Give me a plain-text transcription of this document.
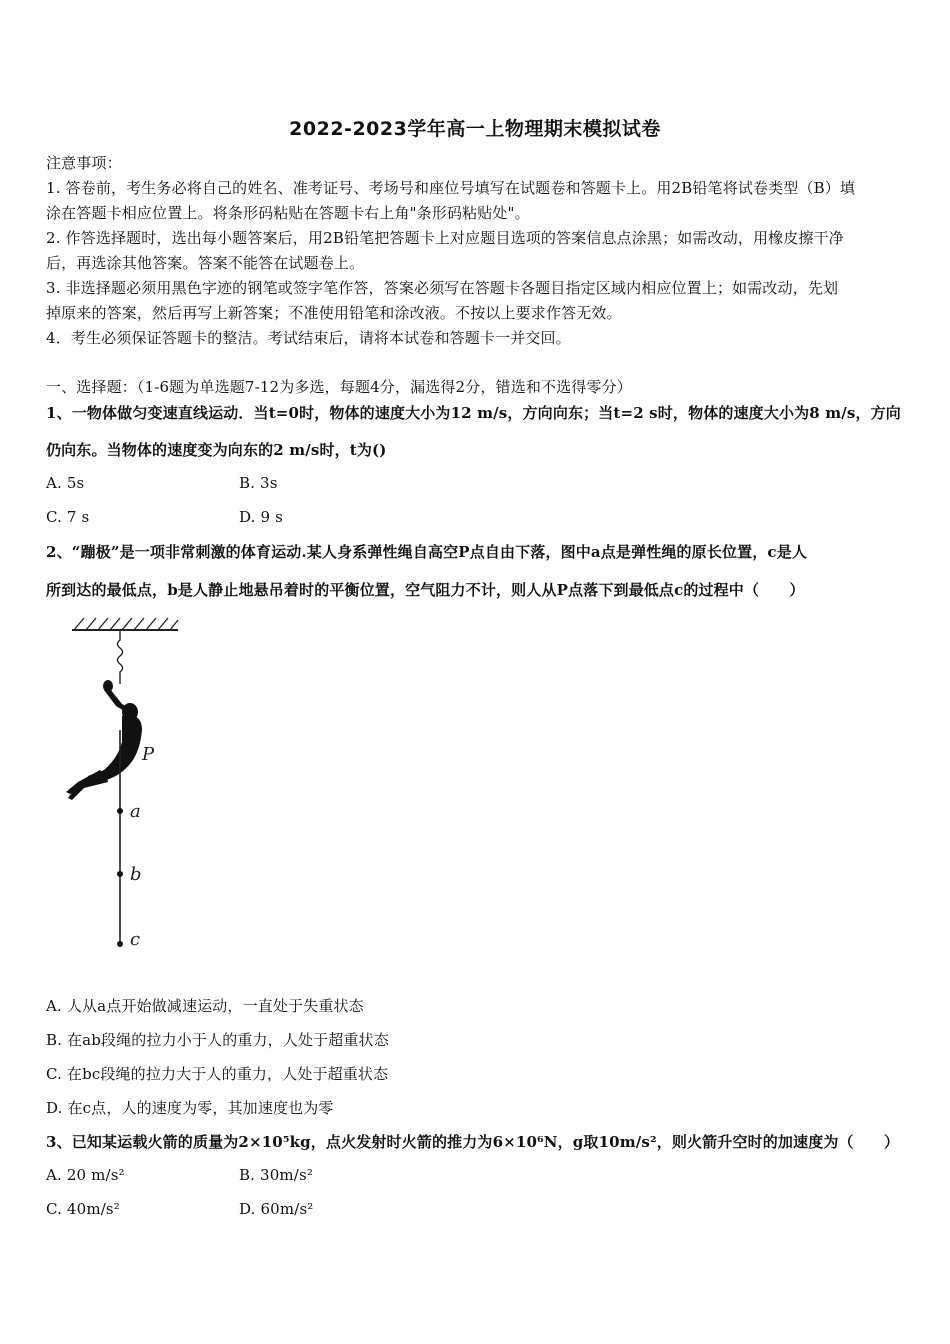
2022-2023学年高一上物理期末模拟试卷
注意事项：
1. 答卷前，考生务必将自己的姓名、准考证号、考场号和座位号填写在试题卷和答题卡上。用2B铅笔将试卷类型（B）填
涂在答题卡相应位置上。将条形码粘贴在答题卡右上角"条形码粘贴处"。
2. 作答选择题时，选出每小题答案后，用2B铅笔把答题卡上对应题目选项的答案信息点涂黑；如需改动，用橡皮擦干净
后，再选涂其他答案。答案不能答在试题卷上。
3. 非选择题必须用黑色字迹的钢笔或签字笔作答，答案必须写在答题卡各题目指定区域内相应位置上；如需改动，先划
掉原来的答案，然后再写上新答案；不准使用铅笔和涂改液。不按以上要求作答无效。
4．考生必须保证答题卡的整洁。考试结束后，请将本试卷和答题卡一并交回。
一、选择题：（1-6题为单选题7-12为多选，每题4分，漏选得2分，错选和不选得零分）
1、一物体做匀变速直线运动．当t=0时，物体的速度大小为12 m/s，方向向东；当t=2 s时，物体的速度大小为8 m/s，方向
仍向东。当物体的速度变为向东的2 m/s时，t为()
A. 5s	B. 3s
C. 7 s	D. 9 s
2、“蹦极”是一项非常刺激的体育运动.某人身系弹性绳自高空P点自由下落，图中a点是弹性绳的原长位置，c是人
所到达的最低点，b是人静止地悬吊着时的平衡位置，空气阻力不计，则人从P点落下到最低点c的过程中（　　）
P
a
b
c
A. 人从a点开始做减速运动，一直处于失重状态
B. 在ab段绳的拉力小于人的重力，人处于超重状态
C. 在bc段绳的拉力大于人的重力，人处于超重状态
D. 在c点，人的速度为零，其加速度也为零
3、已知某运载火箭的质量为2×10⁵kg，点火发射时火箭的推力为6×10⁶N，g取10m/s²，则火箭升空时的加速度为（　　）
A. 20 m/s²	B. 30m/s²
C. 40m/s²	D. 60m/s²
